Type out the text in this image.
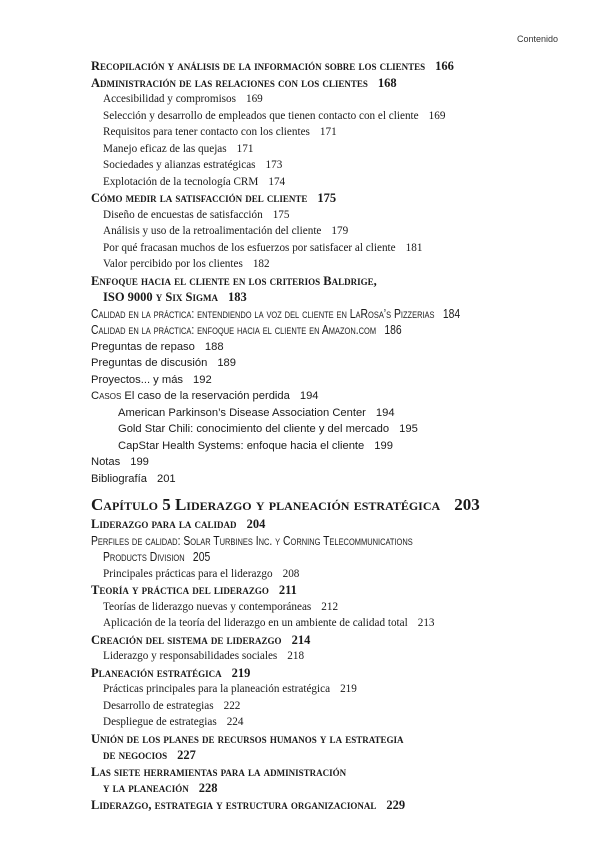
Contenido

Recopilación y análisis de la información sobre los clientes 166

Administración de las relaciones con los clientes 168

Accesibilidad y compromisos 169

Selección y desarrollo de empleados que tienen contacto con el cliente 169

Requisitos para tener contacto con los clientes 171

Manejo eficaz de las quejas 171

Sociedades y alianzas estratégicas 173

Explotación de la tecnología CRM 174

Cómo medir la satisfacción del cliente 175

Diseño de encuestas de satisfacción 175

Análisis y uso de la retroalimentación del cliente 179

Por qué fracasan muchos de los esfuerzos por satisfacer al cliente 181

Valor percibido por los clientes 182

Enfoque hacia el cliente en los criterios Baldrige,

ISO 9000 y Six Sigma 183

Calidad en la práctica: entendiendo la voz del cliente en LaRosa’s Pizzerias 184

Calidad en la práctica: enfoque hacia el cliente en Amazon.com 186

Preguntas de repaso 188

Preguntas de discusión 189

Proyectos... y más 192

Casos El caso de la reservación perdida 194

American Parkinson’s Disease Association Center 194

Gold Star Chili: conocimiento del cliente y del mercado 195

CapStar Health Systems: enfoque hacia el cliente 199

Notas 199

Bibliografía 201

Capítulo 5 Liderazgo y planeación estratégica 203

Liderazgo para la calidad 204

Perfiles de calidad: Solar Turbines Inc. y Corning Telecommunications

Products Division 205

Principales prácticas para el liderazgo 208

Teoría y práctica del liderazgo 211

Teorías de liderazgo nuevas y contemporáneas 212

Aplicación de la teoría del liderazgo en un ambiente de calidad total 213

Creación del sistema de liderazgo 214

Liderazgo y responsabilidades sociales 218

Planeación estratégica 219

Prácticas principales para la planeación estratégica 219

Desarrollo de estrategias 222

Despliegue de estrategias 224

Unión de los planes de recursos humanos y la estrategia

de negocios 227

Las siete herramientas para la administración

y la planeación 228

Liderazgo, estrategia y estructura organizacional 229
